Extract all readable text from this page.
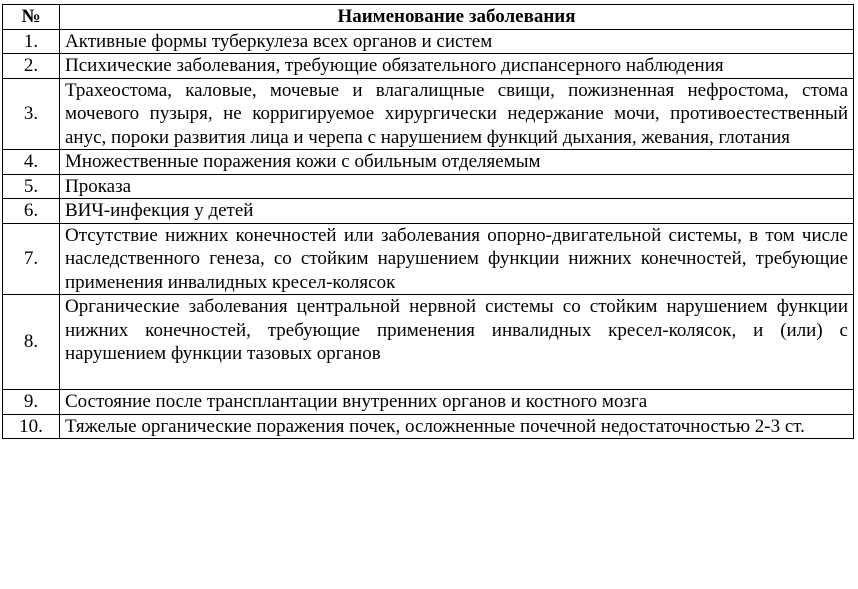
№	Наименование заболевания
1.	Активные формы туберкулеза всех органов и систем
2.	Психические заболевания, требующие обязательного диспансерного наблюдения
3.	Трахеостома, каловые, мочевые и влагалищные свищи, пожизненная нефростома, стома мочевого пузыря, не корригируемое хирургически недержание мочи, противоестественный анус, пороки развития лица и черепа с нарушением функций дыхания, жевания, глотания
4.	Множественные поражения кожи с обильным отделяемым
5.	Проказа
6.	ВИЧ-инфекция у детей
7.	Отсутствие нижних конечностей или заболевания опорно-двигательной системы, в том числе наследственного генеза, со стойким нарушением функции нижних конечностей, требующие применения инвалидных кресел-колясок
8.	Органические заболевания центральной нервной системы со стойким нарушением функции нижних конечностей, требующие применения инвалидных кресел-колясок, и (или) с нарушением функции тазовых органов
9.	Состояние после трансплантации внутренних органов и костного мозга
10.	Тяжелые органические поражения почек, осложненные почечной недостаточностью 2-3 ст.
